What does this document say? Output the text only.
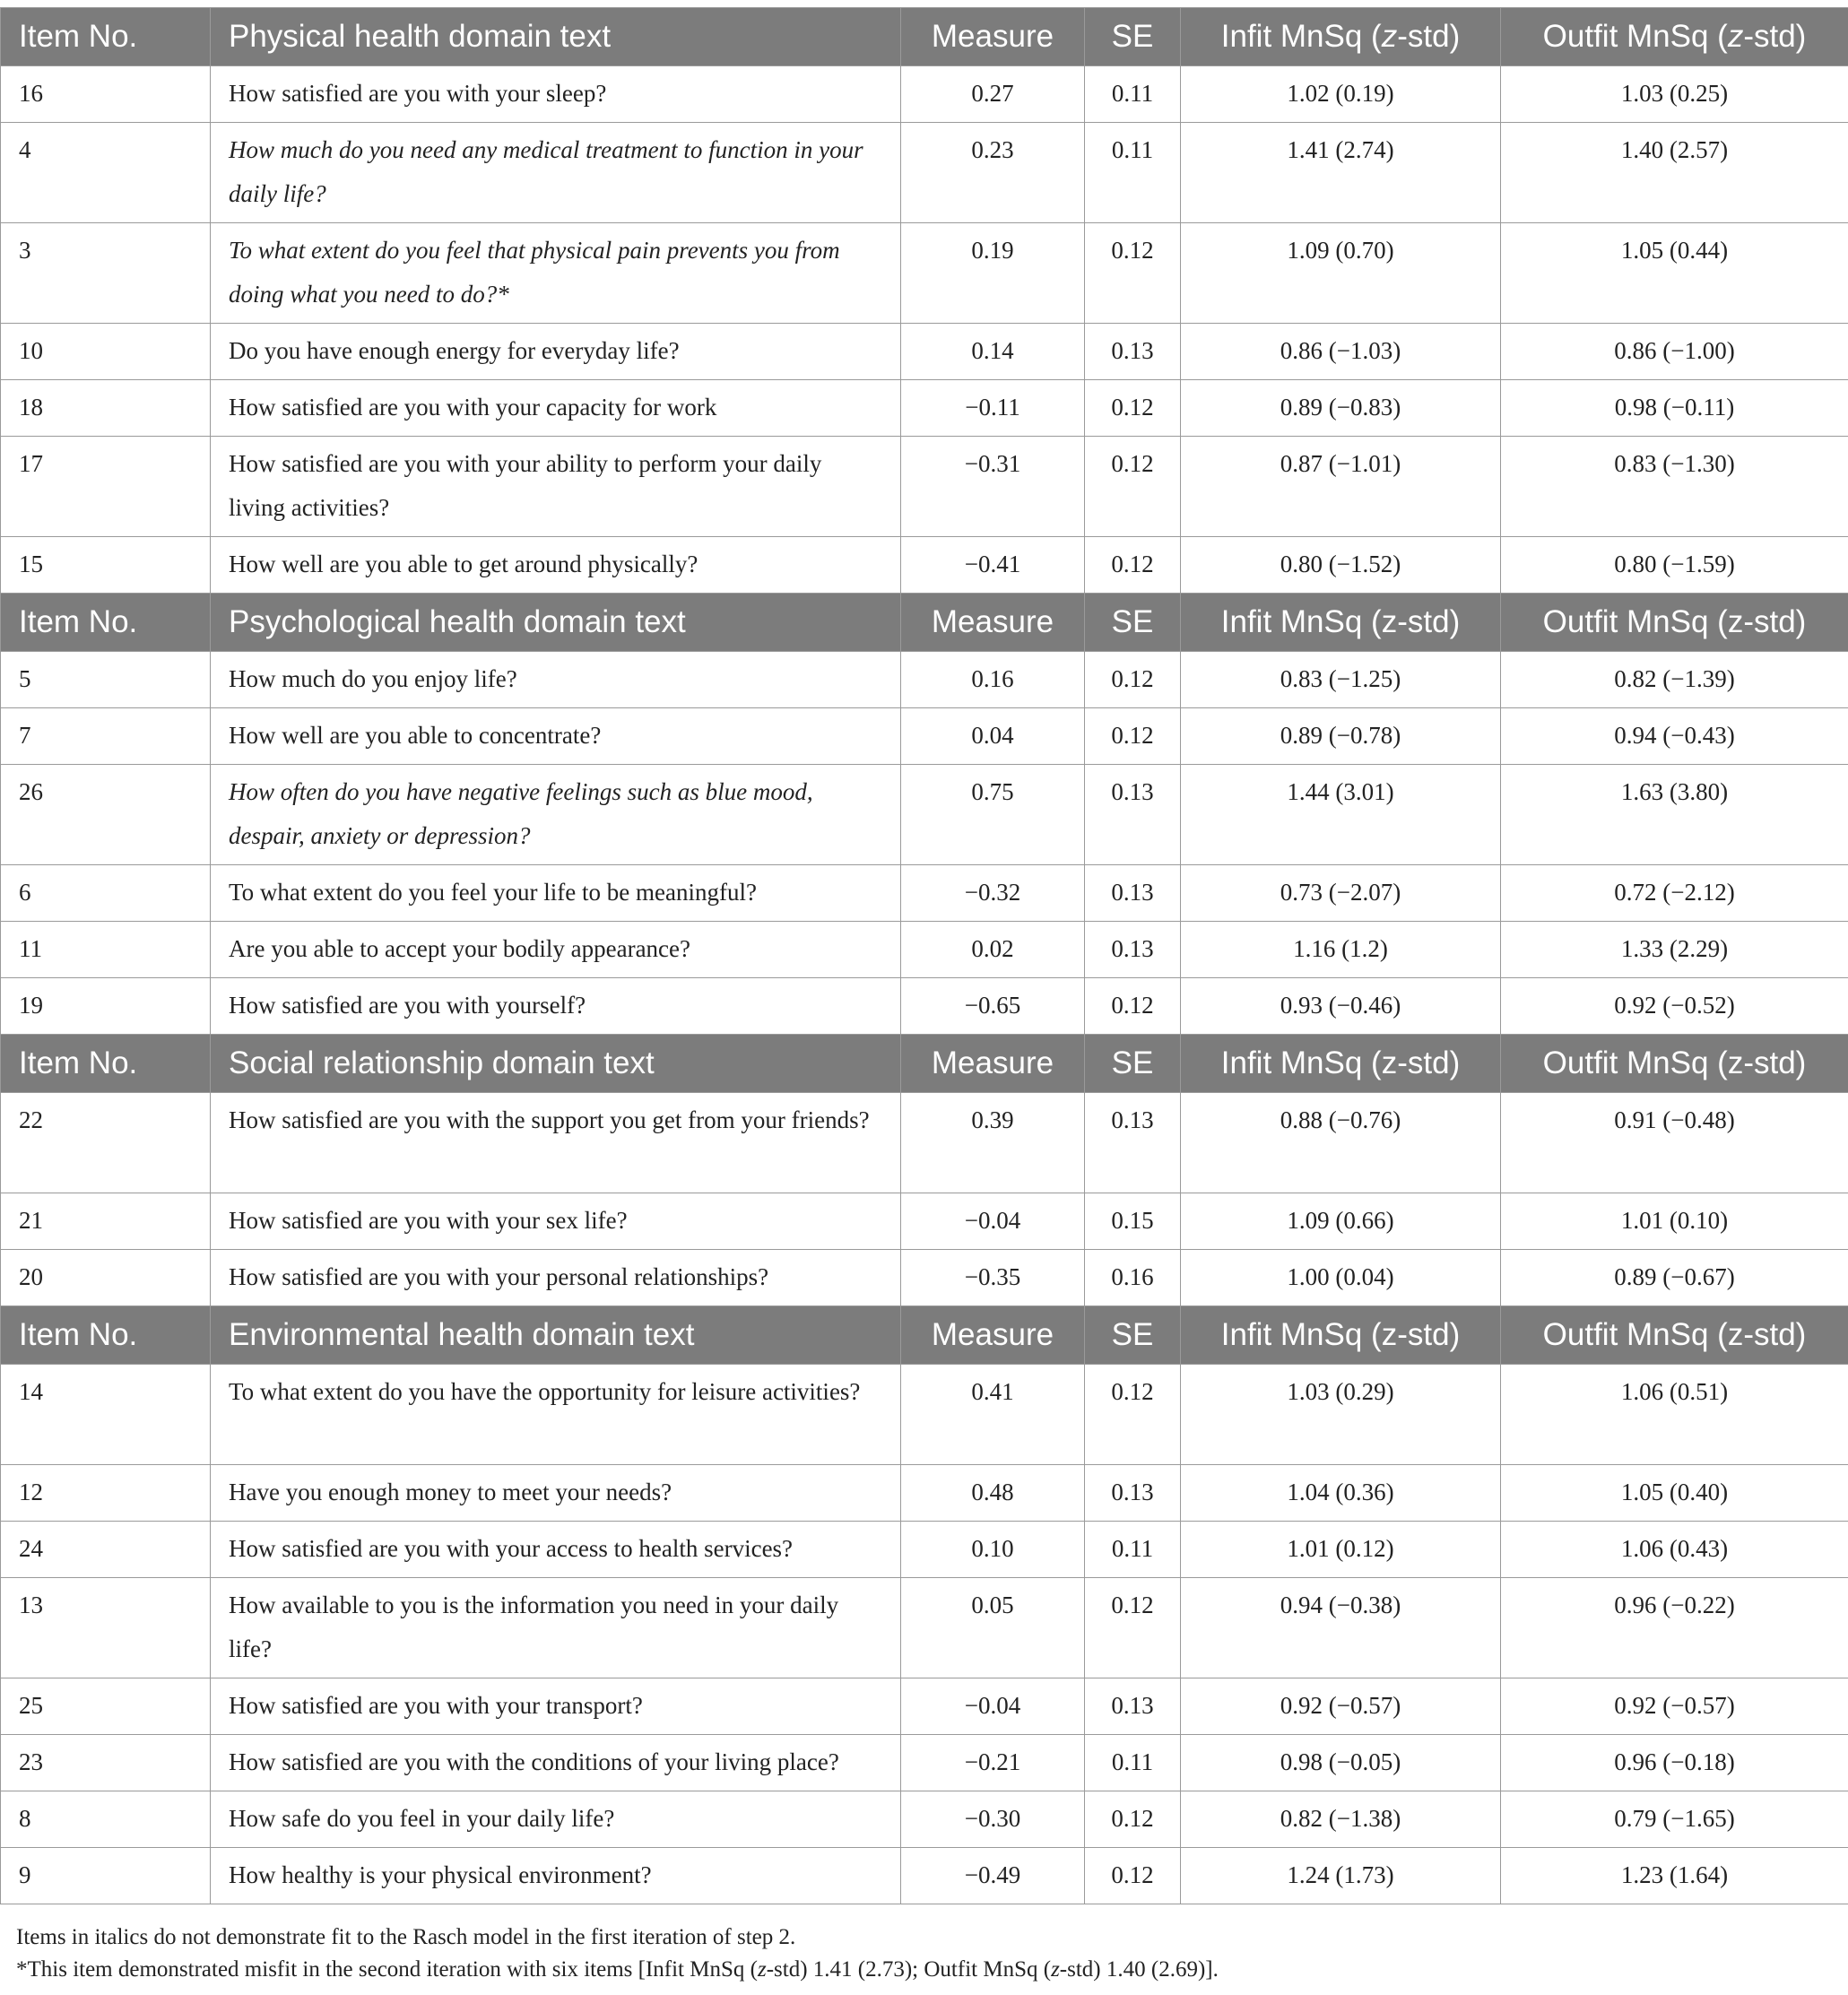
Item No.	Physical health domain text	Measure	SE	Infit MnSq (z-std)	Outfit MnSq (z-std)
16	How satisfied are you with your sleep?	0.27	0.11	1.02 (0.19)	1.03 (0.25)
4	How much do you need any medical treatment to function in your daily life?	0.23	0.11	1.41 (2.74)	1.40 (2.57)
3	To what extent do you feel that physical pain prevents you from doing what you need to do?*	0.19	0.12	1.09 (0.70)	1.05 (0.44)
10	Do you have enough energy for everyday life?	0.14	0.13	0.86 (−1.03)	0.86 (−1.00)
18	How satisfied are you with your capacity for work	−0.11	0.12	0.89 (−0.83)	0.98 (−0.11)
17	How satisfied are you with your ability to perform your daily living activities?	−0.31	0.12	0.87 (−1.01)	0.83 (−1.30)
15	How well are you able to get around physically?	−0.41	0.12	0.80 (−1.52)	0.80 (−1.59)
Item No.	Psychological health domain text	Measure	SE	Infit MnSq (z-std)	Outfit MnSq (z-std)
5	How much do you enjoy life?	0.16	0.12	0.83 (−1.25)	0.82 (−1.39)
7	How well are you able to concentrate?	0.04	0.12	0.89 (−0.78)	0.94 (−0.43)
26	How often do you have negative feelings such as blue mood, despair, anxiety or depression?	0.75	0.13	1.44 (3.01)	1.63 (3.80)
6	To what extent do you feel your life to be meaningful?	−0.32	0.13	0.73 (−2.07)	0.72 (−2.12)
11	Are you able to accept your bodily appearance?	0.02	0.13	1.16 (1.2)	1.33 (2.29)
19	How satisfied are you with yourself?	−0.65	0.12	0.93 (−0.46)	0.92 (−0.52)
Item No.	Social relationship domain text	Measure	SE	Infit MnSq (z-std)	Outfit MnSq (z-std)
22	How satisfied are you with the support you get from your friends?	0.39	0.13	0.88 (−0.76)	0.91 (−0.48)
21	How satisfied are you with your sex life?	−0.04	0.15	1.09 (0.66)	1.01 (0.10)
20	How satisfied are you with your personal relationships?	−0.35	0.16	1.00 (0.04)	0.89 (−0.67)
Item No.	Environmental health domain text	Measure	SE	Infit MnSq (z-std)	Outfit MnSq (z-std)
14	To what extent do you have the opportunity for leisure activities?	0.41	0.12	1.03 (0.29)	1.06 (0.51)
12	Have you enough money to meet your needs?	0.48	0.13	1.04 (0.36)	1.05 (0.40)
24	How satisfied are you with your access to health services?	0.10	0.11	1.01 (0.12)	1.06 (0.43)
13	How available to you is the information you need in your daily life?	0.05	0.12	0.94 (−0.38)	0.96 (−0.22)
25	How satisfied are you with your transport?	−0.04	0.13	0.92 (−0.57)	0.92 (−0.57)
23	How satisfied are you with the conditions of your living place?	−0.21	0.11	0.98 (−0.05)	0.96 (−0.18)
8	How safe do you feel in your daily life?	−0.30	0.12	0.82 (−1.38)	0.79 (−1.65)
9	How healthy is your physical environment?	−0.49	0.12	1.24 (1.73)	1.23 (1.64)

Items in italics do not demonstrate fit to the Rasch model in the first iteration of step 2.

*This item demonstrated misfit in the second iteration with six items [Infit MnSq (z-std) 1.41 (2.73); Outfit MnSq (z-std) 1.40 (2.69)].
